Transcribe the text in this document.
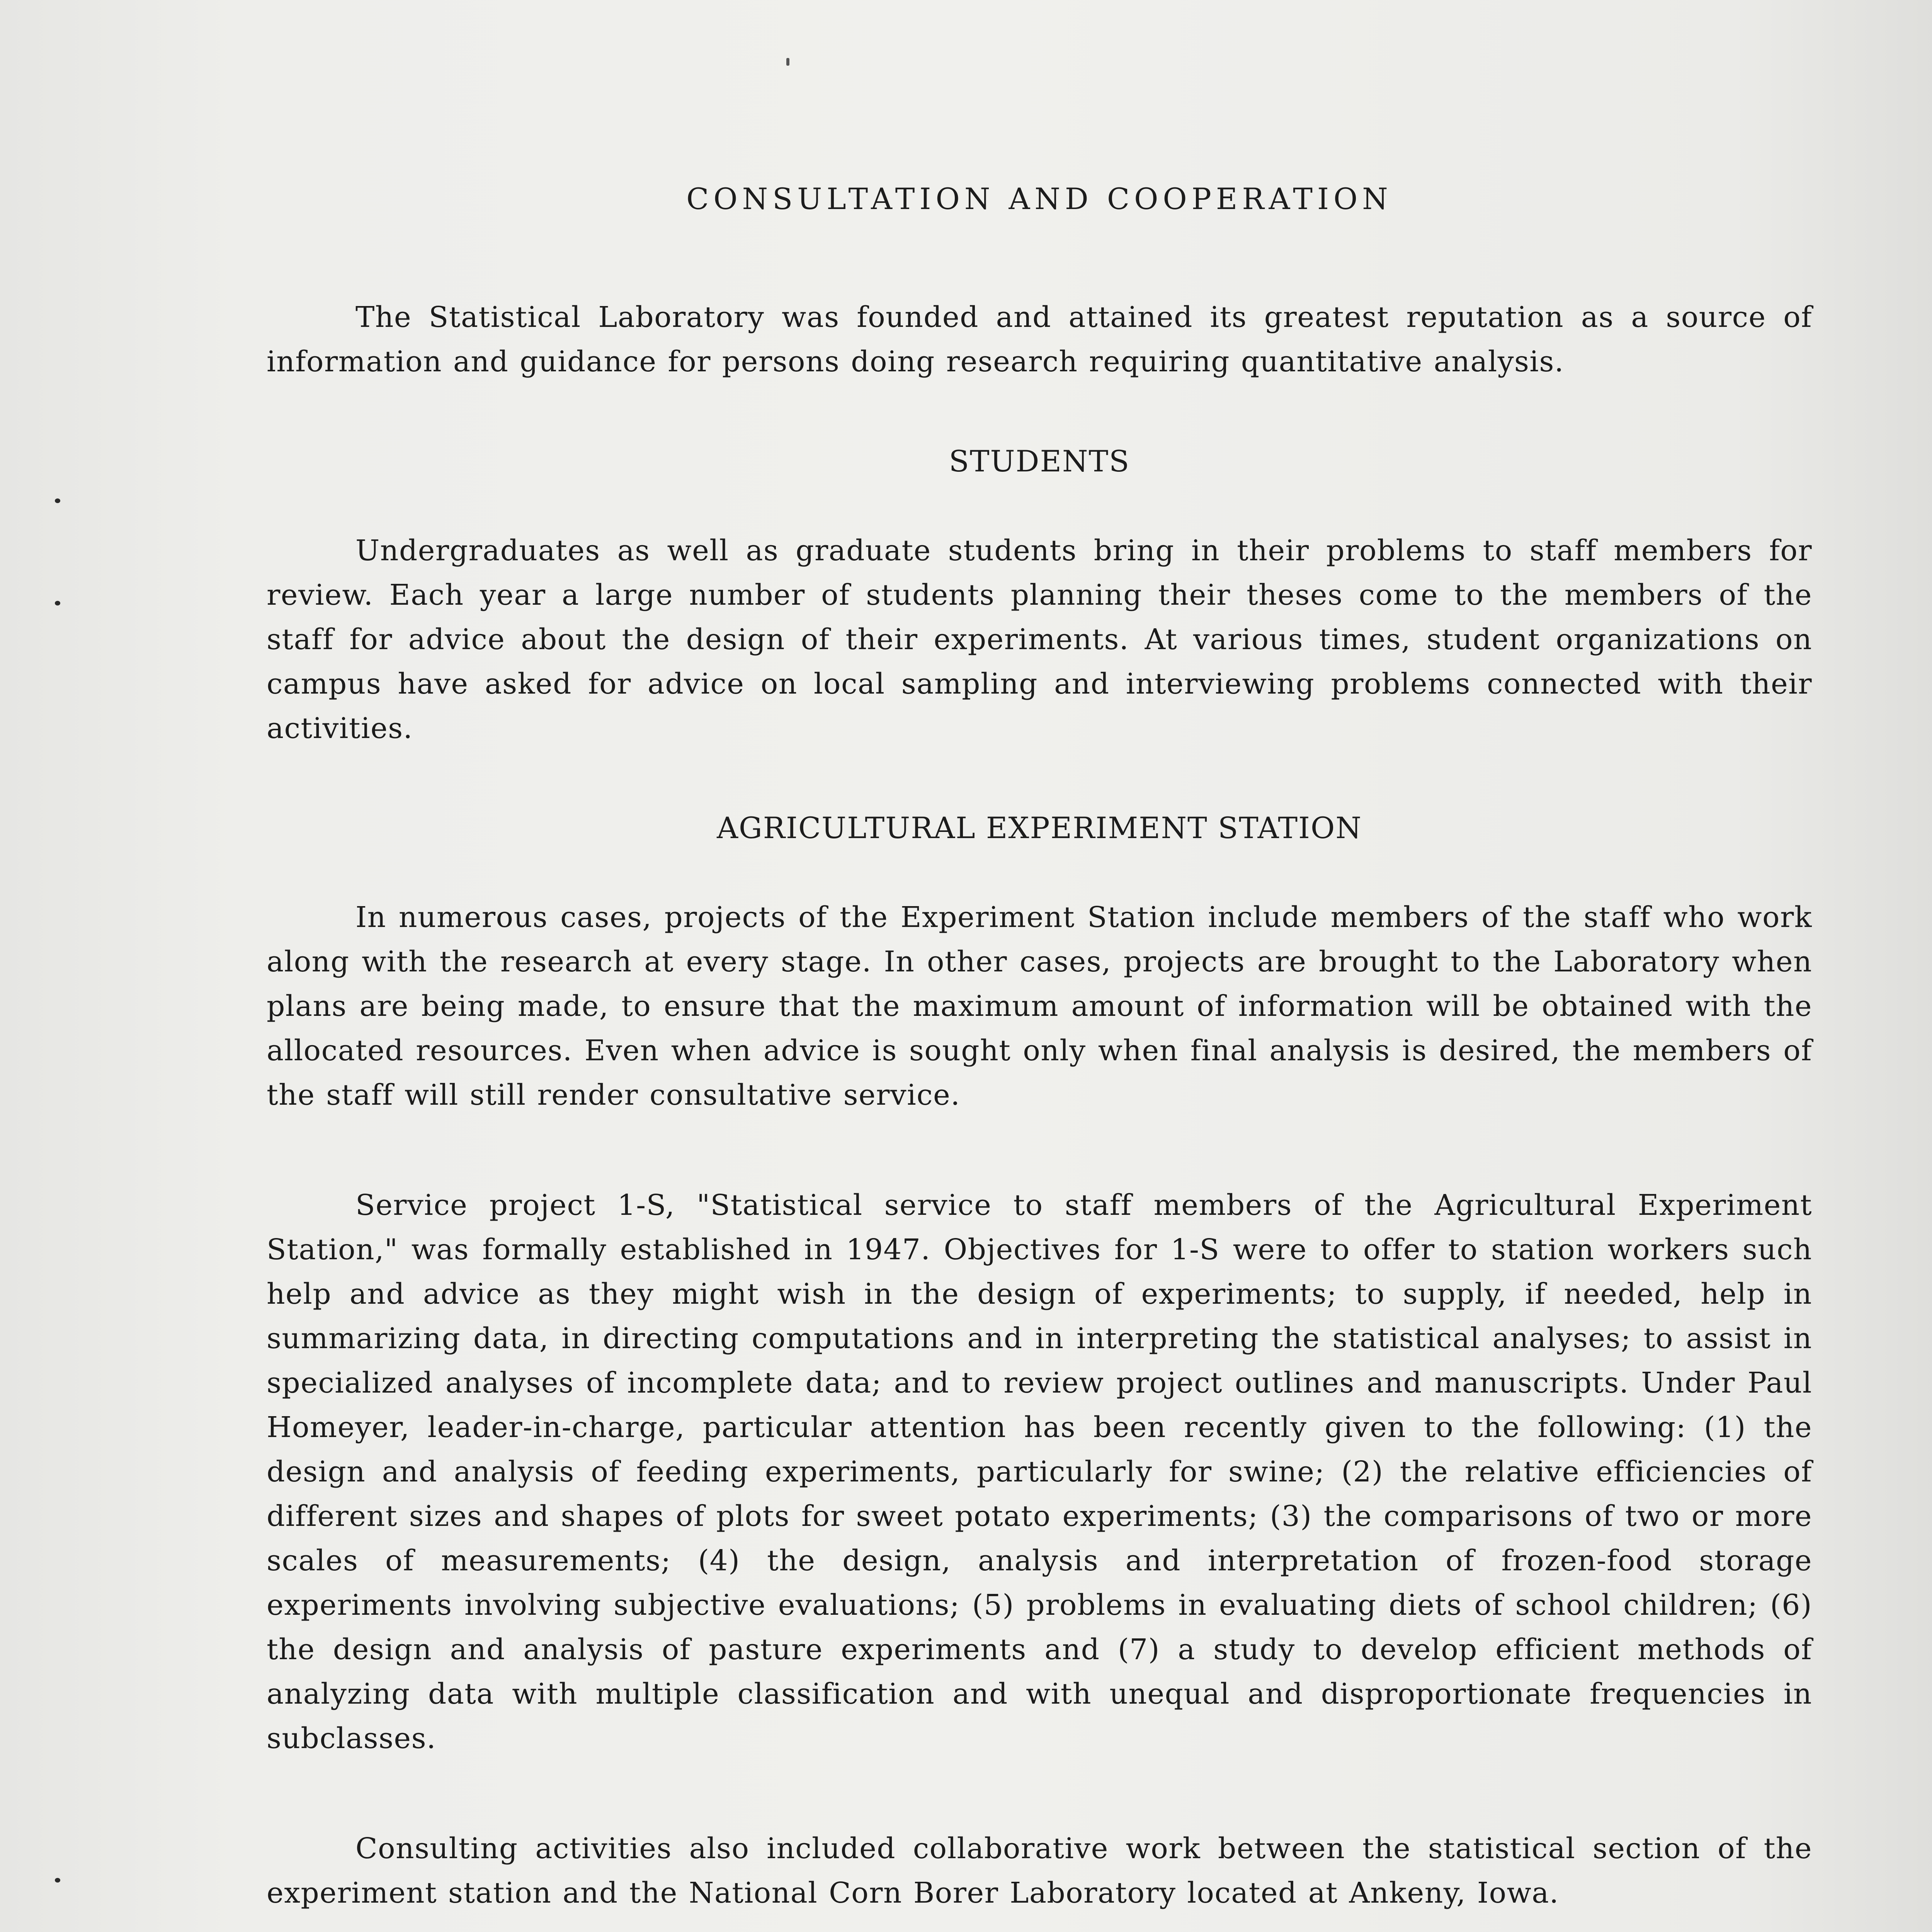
CONSULTATION AND COOPERATION

The Statistical Laboratory was founded and attained its greatest reputation as a source of information and guidance for persons doing research requiring quantitative analysis.

STUDENTS

Undergraduates as well as graduate students bring in their problems to staff members for review. Each year a large number of students planning their theses come to the members of the staff for advice about the design of their experiments. At various times, student organizations on campus have asked for advice on local sampling and interviewing problems connected with their activities.

AGRICULTURAL EXPERIMENT STATION

In numerous cases, projects of the Experiment Station include members of the staff who work along with the research at every stage. In other cases, projects are brought to the Laboratory when plans are being made, to ensure that the maximum amount of information will be obtained with the allocated resources. Even when advice is sought only when final analysis is desired, the members of the staff will still render consultative service.

Service project 1-S, "Statistical service to staff members of the Agricultural Experiment Station," was formally established in 1947. Objectives for 1-S were to offer to station workers such help and advice as they might wish in the design of experiments; to supply, if needed, help in summarizing data, in directing computations and in interpreting the statistical analyses; to assist in specialized analyses of incomplete data; and to review project outlines and manuscripts. Under Paul Homeyer, leader-in-charge, particular attention has been recently given to the following: (1) the design and analysis of feeding experiments, particularly for swine; (2) the relative efficiencies of different sizes and shapes of plots for sweet potato experiments; (3) the comparisons of two or more scales of measurements; (4) the design, analysis and interpretation of frozen-food storage experiments involving subjective evaluations; (5) problems in evaluating diets of school children; (6) the design and analysis of pasture experiments and (7) a study to develop efficient methods of analyzing data with multiple classification and with unequal and disproportionate frequencies in subclasses.

Consulting activities also included collaborative work between the statistical section of the experiment station and the National Corn Borer Laboratory located at Ankeny, Iowa.
